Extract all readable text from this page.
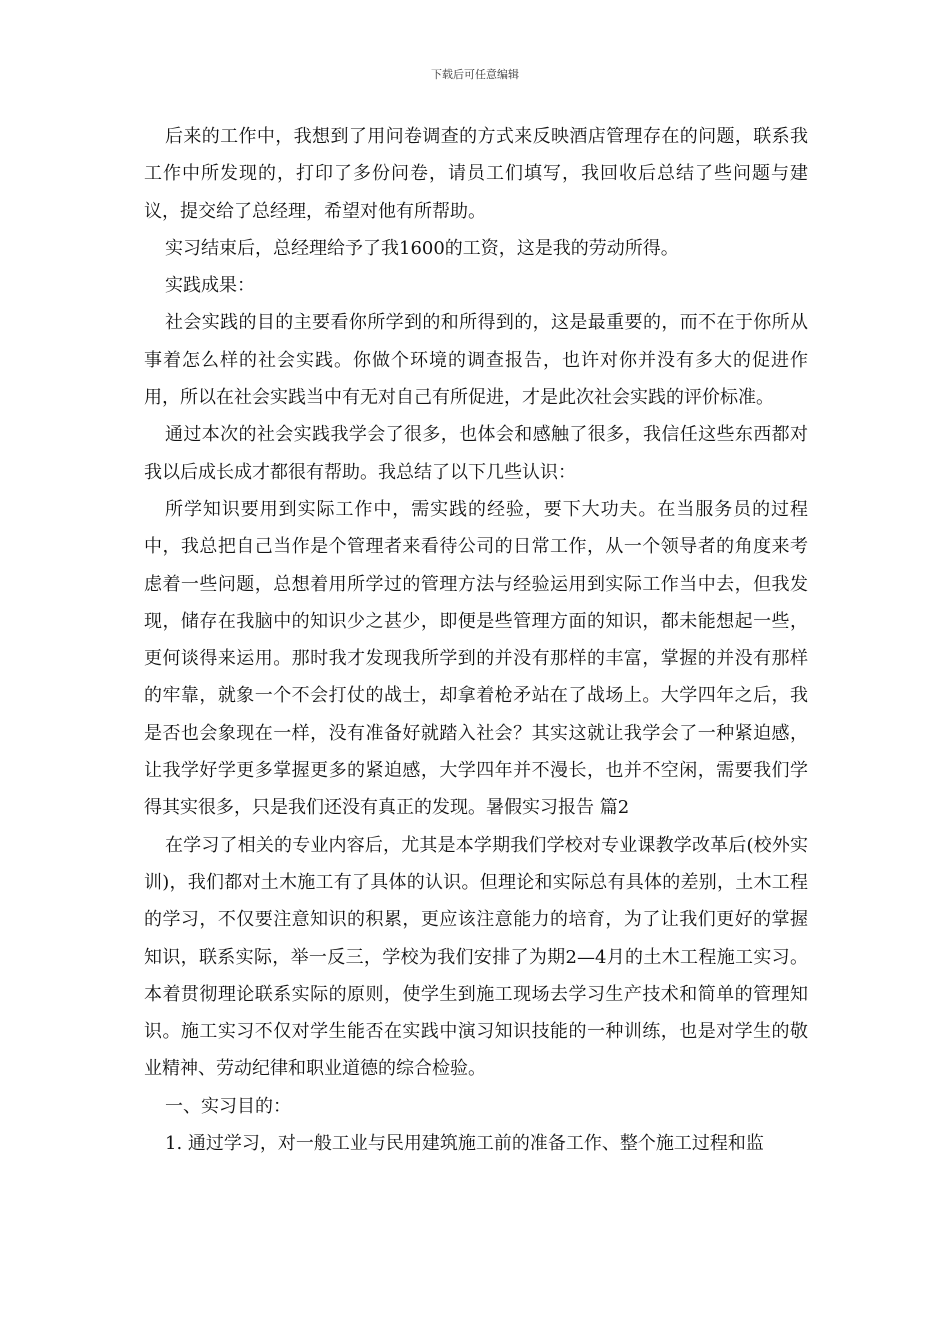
下载后可任意编辑

后来的工作中，我想到了用问卷调查的方式来反映酒店管理存在的问题，联系我工作中所发现的，打印了多份问卷，请员工们填写，我回收后总结了些问题与建议，提交给了总经理，希望对他有所帮助。

实习结束后，总经理给予了我1600的工资，这是我的劳动所得。

实践成果：

社会实践的目的主要看你所学到的和所得到的，这是最重要的，而不在于你所从事着怎么样的社会实践。你做个环境的调查报告，也许对你并没有多大的促进作用，所以在社会实践当中有无对自己有所促进，才是此次社会实践的评价标准。

通过本次的社会实践我学会了很多，也体会和感触了很多，我信任这些东西都对我以后成长成才都很有帮助。我总结了以下几些认识：

所学知识要用到实际工作中，需实践的经验，要下大功夫。在当服务员的过程中，我总把自己当作是个管理者来看待公司的日常工作，从一个领导者的角度来考虑着一些问题，总想着用所学过的管理方法与经验运用到实际工作当中去，但我发现，储存在我脑中的知识少之甚少，即便是些管理方面的知识，都未能想起一些，更何谈得来运用。那时我才发现我所学到的并没有那样的丰富，掌握的并没有那样的牢靠，就象一个不会打仗的战士，却拿着枪矛站在了战场上。大学四年之后，我是否也会象现在一样，没有准备好就踏入社会？其实这就让我学会了一种紧迫感，让我学好学更多掌握更多的紧迫感，大学四年并不漫长，也并不空闲，需要我们学得其实很多，只是我们还没有真正的发现。暑假实习报告 篇2

在学习了相关的专业内容后，尤其是本学期我们学校对专业课教学改革后(校外实训)，我们都对土木施工有了具体的认识。但理论和实际总有具体的差别，土木工程的学习，不仅要注意知识的积累，更应该注意能力的培育，为了让我们更好的掌握知识，联系实际，举一反三，学校为我们安排了为期2—4月的土木工程施工实习。本着贯彻理论联系实际的原则，使学生到施工现场去学习生产技术和简单的管理知识。施工实习不仅对学生能否在实践中演习知识技能的一种训练，也是对学生的敬业精神、劳动纪律和职业道德的综合检验。

一、实习目的：

1. 通过学习，对一般工业与民用建筑施工前的准备工作、整个施工过程和监
